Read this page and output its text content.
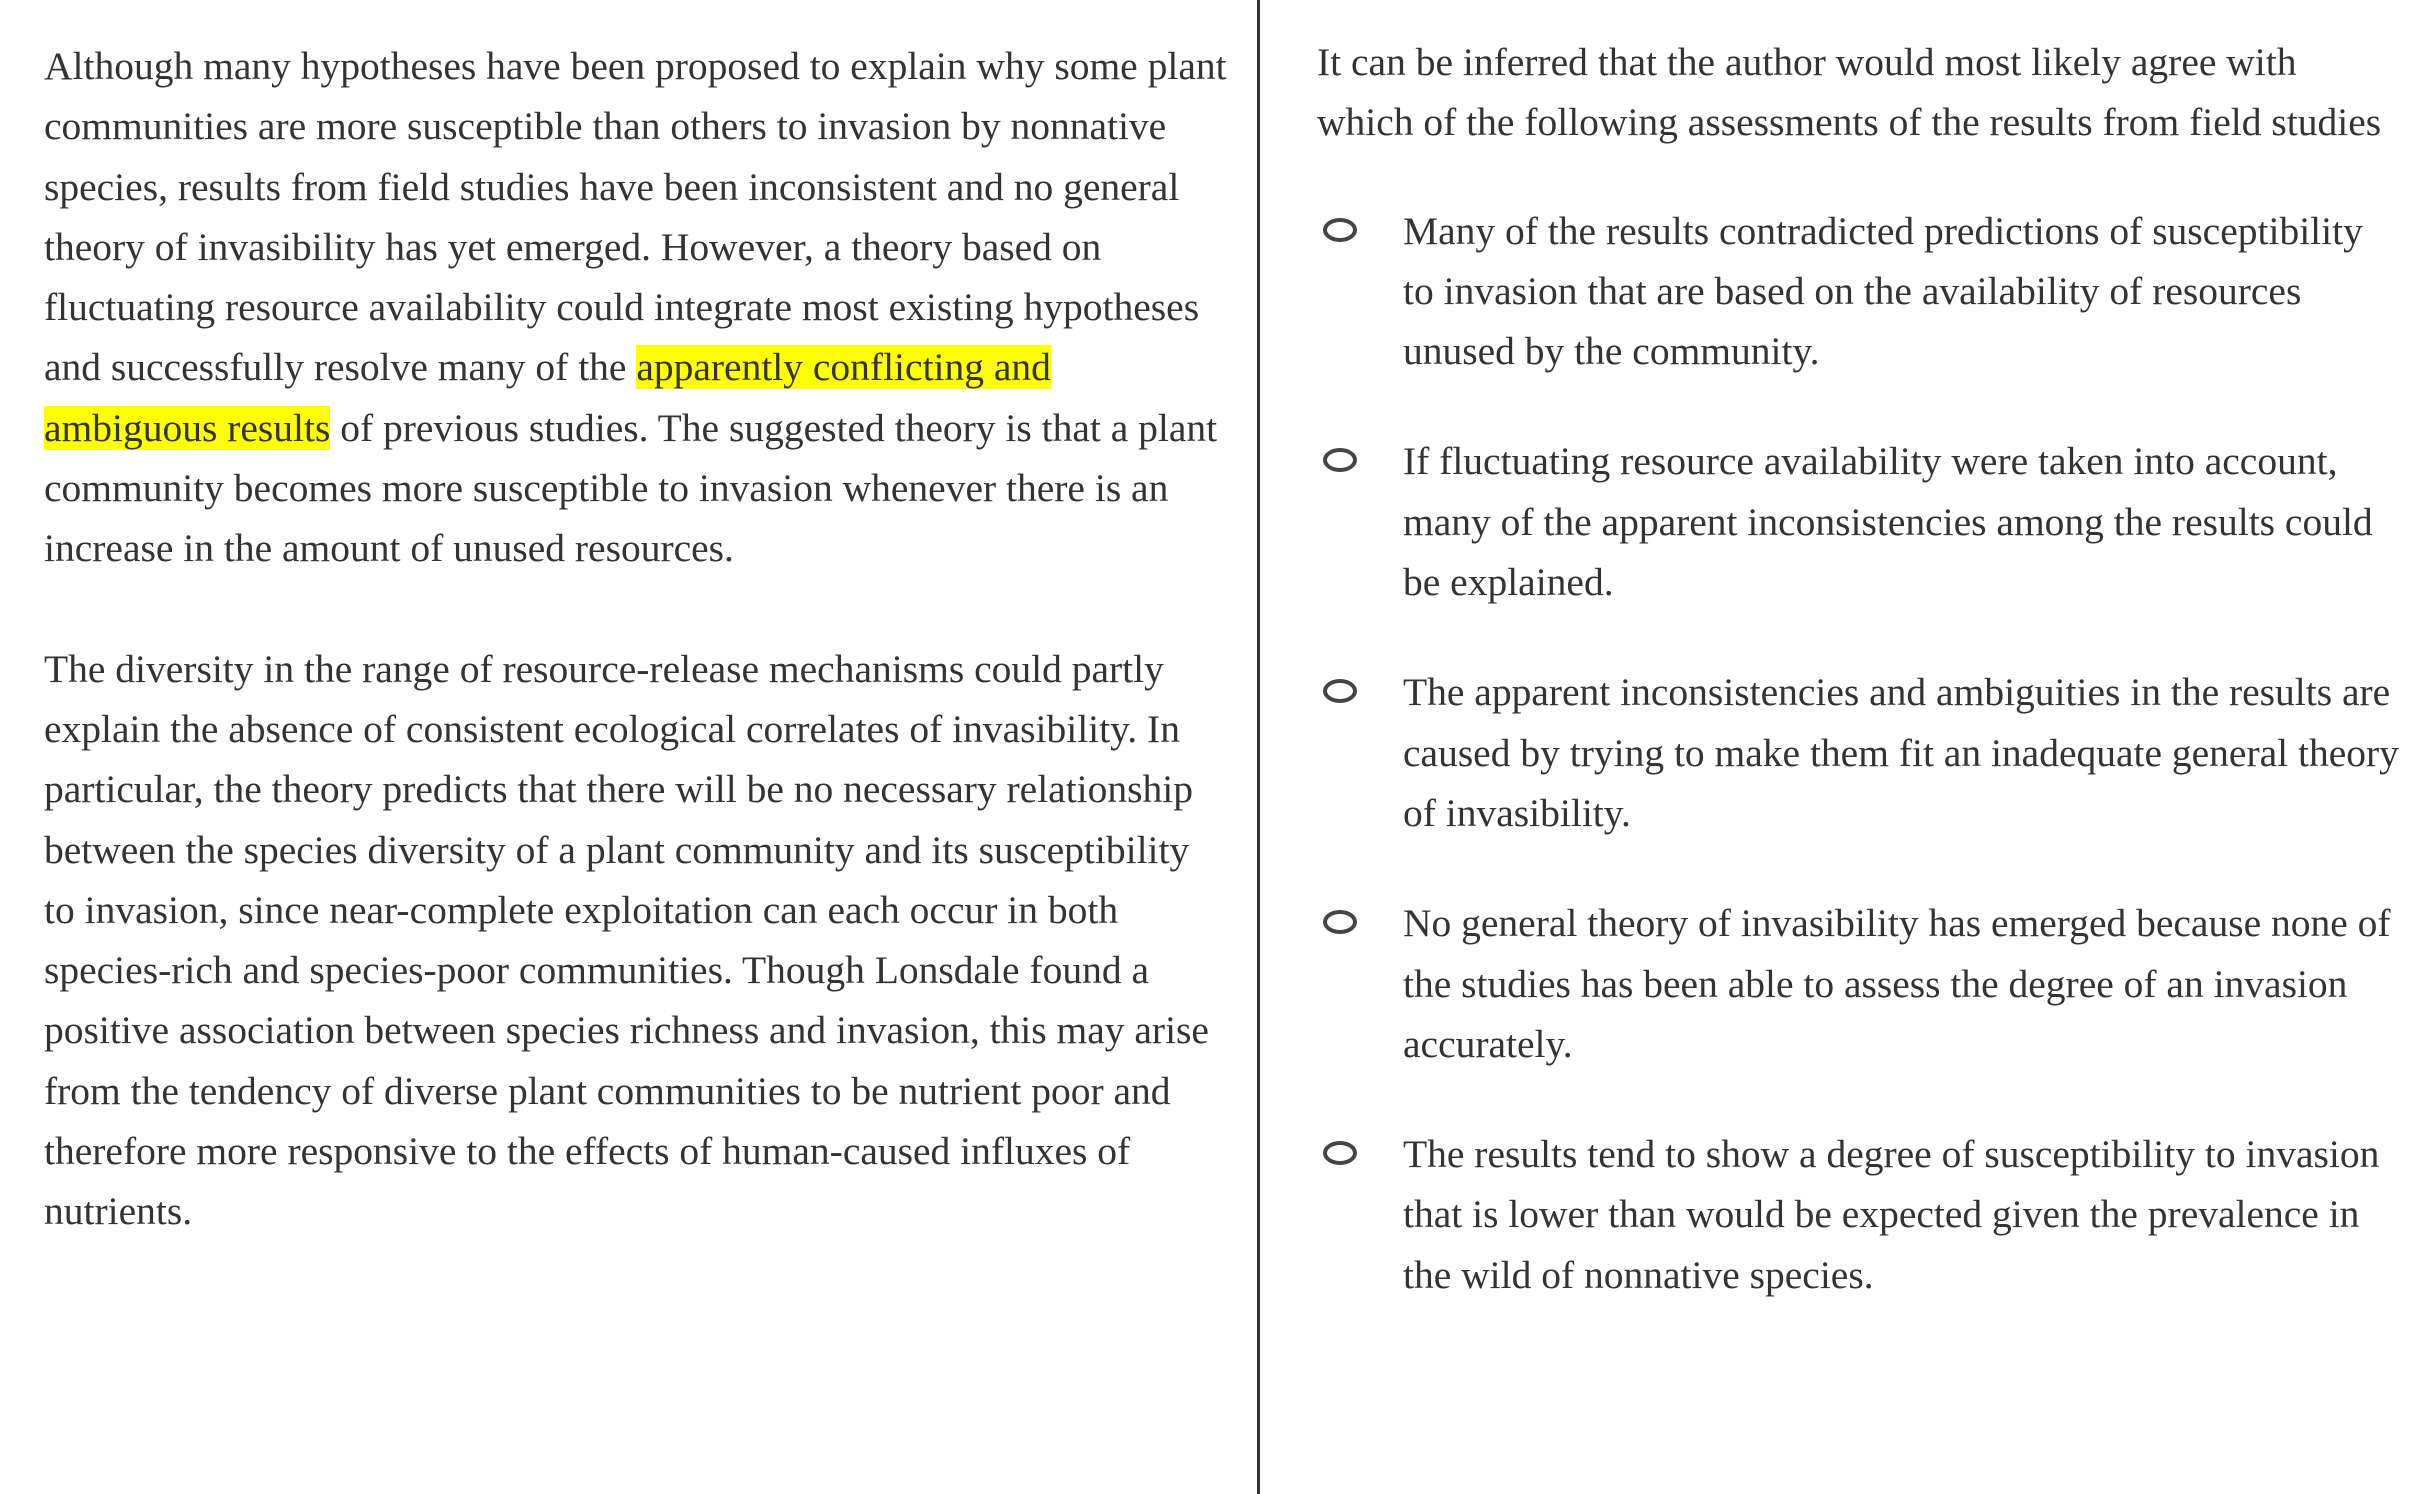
Although many hypotheses have been proposed to explain why some plant communities are more susceptible than others to invasion by nonnative species, results from field studies have been inconsistent and no general theory of invasibility has yet emerged. However, a theory based on fluctuating resource availability could integrate most existing hypotheses and successfully resolve many of the apparently conflicting and ambiguous results of previous studies. The suggested theory is that a plant community becomes more susceptible to invasion whenever there is an increase in the amount of unused resources.

The diversity in the range of resource-release mechanisms could partly explain the absence of consistent ecological correlates of invasibility. In particular, the theory predicts that there will be no necessary relationship between the species diversity of a plant community and its susceptibility to invasion, since near-complete exploitation can each occur in both species-rich and species-poor communities. Though Lonsdale found a positive association between species richness and invasion, this may arise from the tendency of diverse plant communities to be nutrient poor and therefore more responsive to the effects of human-caused influxes of nutrients.

It can be inferred that the author would most likely agree with which of the following assessments of the results from field studies

Many of the results contradicted predictions of susceptibility to invasion that are based on the availability of resources unused by the community.
If fluctuating resource availability were taken into account, many of the apparent inconsistencies among the results could be explained.
The apparent inconsistencies and ambiguities in the results are caused by trying to make them fit an inadequate general theory of invasibility.
No general theory of invasibility has emerged because none of the studies has been able to assess the degree of an invasion accurately.
The results tend to show a degree of susceptibility to invasion that is lower than would be expected given the prevalence in the wild of nonnative species.
